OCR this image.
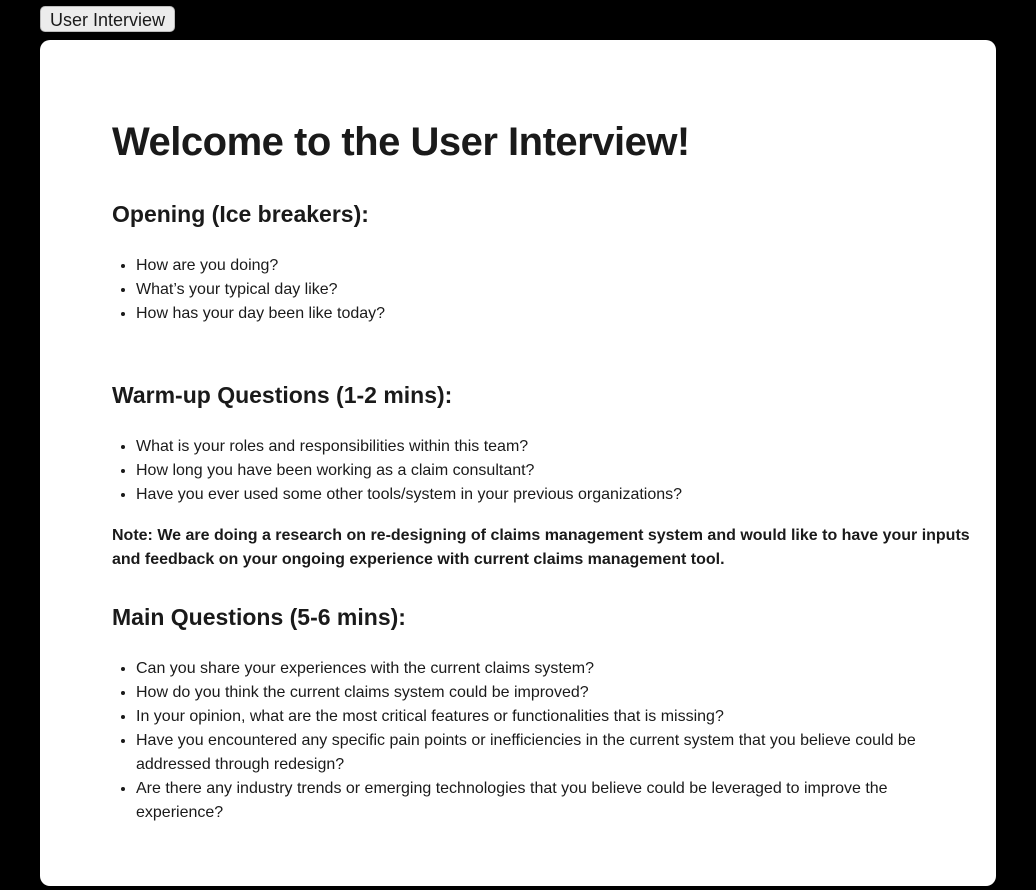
User Interview
Welcome to the User Interview!
Opening (Ice breakers):
• How are you doing?
• What’s your typical day like?
• How has your day been like today?
Warm-up Questions (1-2 mins):
• What is your roles and responsibilities within this team?
• How long you have been working as a claim consultant?
• Have you ever used some other tools/system in your previous organizations?

Note: We are doing a research on re-designing of claims management system and would like to have your inputs and feedback on your ongoing experience with current claims management tool.

Main Questions (5-6 mins):
• Can you share your experiences with the current claims system?
• How do you think the current claims system could be improved?
• In your opinion, what are the most critical features or functionalities that is missing?
• Have you encountered any specific pain points or inefficiencies in the current system that you believe could be addressed through redesign?
• Are there any industry trends or emerging technologies that you believe could be leveraged to improve the experience?
